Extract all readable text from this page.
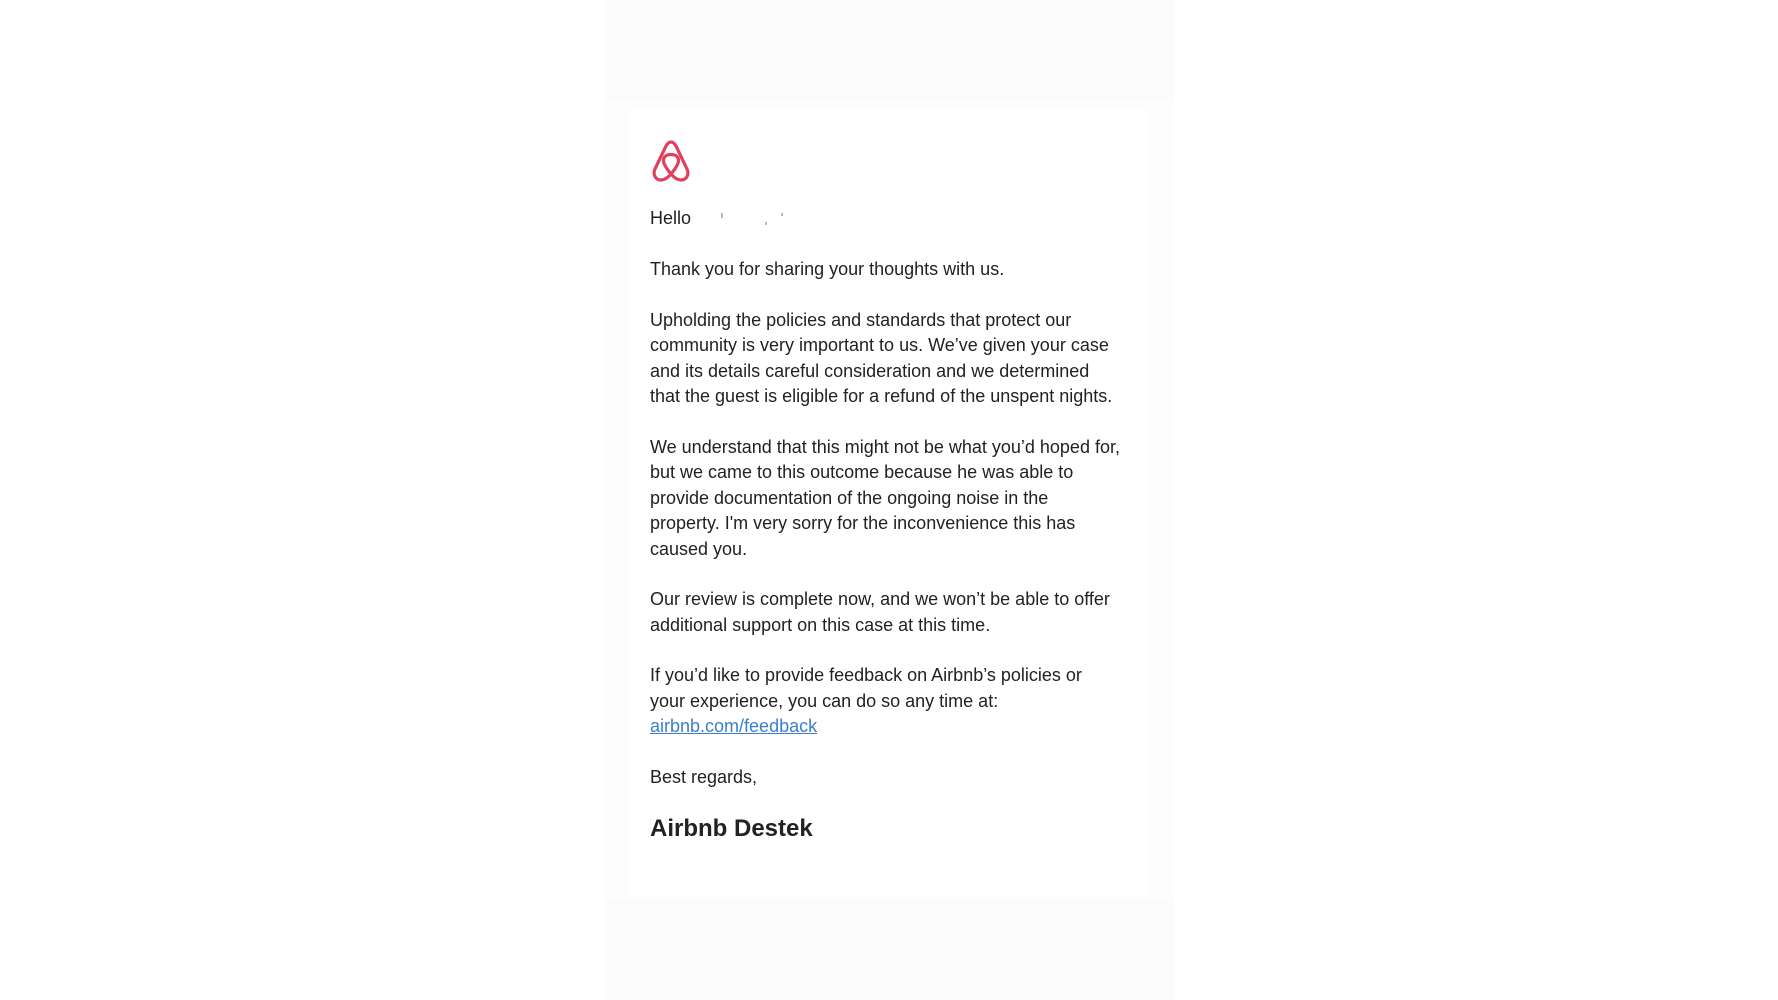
Hello

Thank you for sharing your thoughts with us.

Upholding the policies and standards that protect our community is very important to us. We’ve given your case and its details careful consideration and we determined that the guest is eligible for a refund of the unspent nights.

We understand that this might not be what you’d hoped for, but we came to this outcome because he was able to provide documentation of the ongoing noise in the property. I'm very sorry for the inconvenience this has caused you.

Our review is complete now, and we won’t be able to offer additional support on this case at this time.

If you’d like to provide feedback on Airbnb’s policies or your experience, you can do so any time at:
airbnb.com/feedback

Best regards,

Airbnb Destek
